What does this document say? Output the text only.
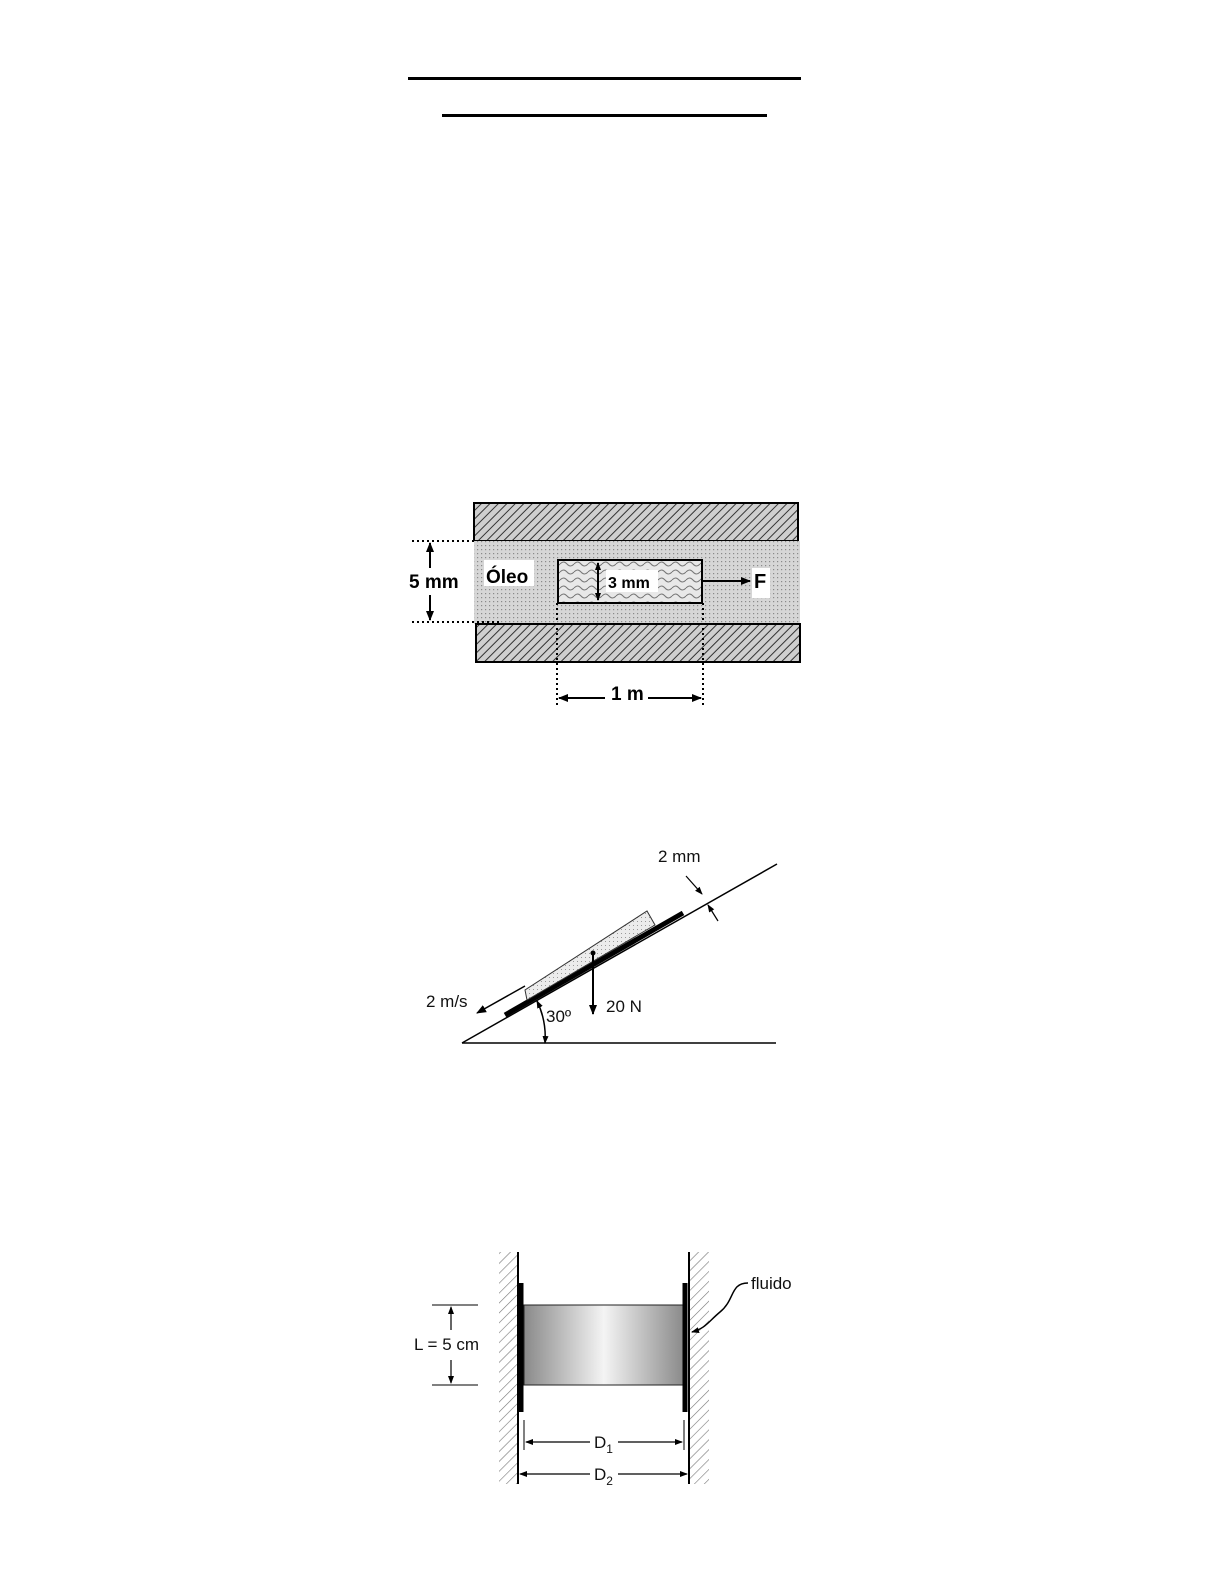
5 mm Óleo	3 mm	F
1 m
20 N
2 m/s
30º
2 mm
fluido
L = 5 cm
$D_1$
$D_2$
